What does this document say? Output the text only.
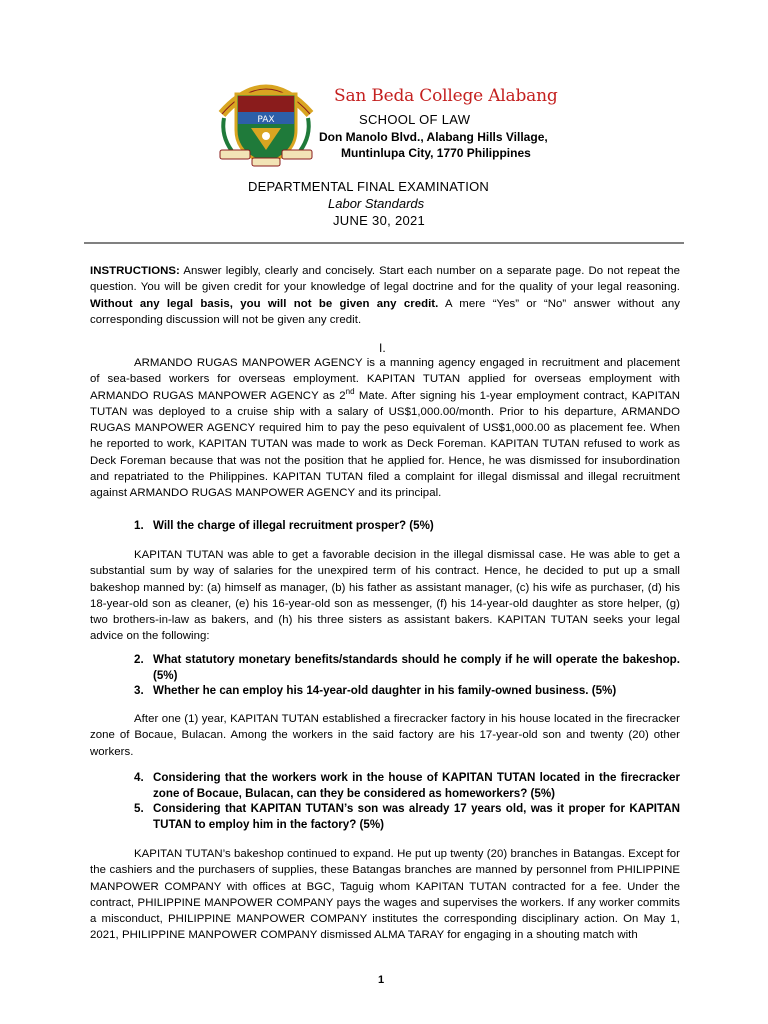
PAX
San Beda College Alabang
SCHOOL OF LAW
Don Manolo Blvd., Alabang Hills Village,
Muntinlupa City, 1770 Philippines
DEPARTMENTAL FINAL EXAMINATION
Labor Standards
JUNE 30, 2021
INSTRUCTIONS: Answer legibly, clearly and concisely. Start each number on a separate page. Do not repeat the question. You will be given credit for your knowledge of legal doctrine and for the quality of your legal reasoning. Without any legal basis, you will not be given any credit. A mere “Yes” or “No” answer without any corresponding discussion will not be given any credit.
I.
ARMANDO RUGAS MANPOWER AGENCY is a manning agency engaged in recruitment and placement of sea-based workers for overseas employment. KAPITAN TUTAN applied for overseas employment with ARMANDO RUGAS MANPOWER AGENCY as 2nd Mate. After signing his 1-year employment contract, KAPITAN TUTAN was deployed to a cruise ship with a salary of US$1,000.00/month. Prior to his departure, ARMANDO RUGAS MANPOWER AGENCY required him to pay the peso equivalent of US$1,000.00 as placement fee. When he reported to work, KAPITAN TUTAN was made to work as Deck Foreman. KAPITAN TUTAN refused to work as Deck Foreman because that was not the position that he applied for. Hence, he was dismissed for insubordination and repatriated to the Philippines. KAPITAN TUTAN filed a complaint for illegal dismissal and illegal recruitment against ARMANDO RUGAS MANPOWER AGENCY and its principal.
1. Will the charge of illegal recruitment prosper? (5%)
KAPITAN TUTAN was able to get a favorable decision in the illegal dismissal case. He was able to get a substantial sum by way of salaries for the unexpired term of his contract. Hence, he decided to put up a small bakeshop manned by: (a) himself as manager, (b) his father as assistant manager, (c) his wife as purchaser, (d) his 18-year-old son as cleaner, (e) his 16-year-old son as messenger, (f) his 14-year-old daughter as store helper, (g) two brothers-in-law as bakers, and (h) his three sisters as assistant bakers. KAPITAN TUTAN seeks your legal advice on the following:
2. What statutory monetary benefits/standards should he comply if he will operate the bakeshop. (5%)
3. Whether he can employ his 14-year-old daughter in his family-owned business. (5%)
After one (1) year, KAPITAN TUTAN established a firecracker factory in his house located in the firecracker zone of Bocaue, Bulacan. Among the workers in the said factory are his 17-year-old son and twenty (20) other workers.
4. Considering that the workers work in the house of KAPITAN TUTAN located in the firecracker zone of Bocaue, Bulacan, can they be considered as homeworkers? (5%)
5. Considering that KAPITAN TUTAN’s son was already 17 years old, was it proper for KAPITAN TUTAN to employ him in the factory? (5%)
KAPITAN TUTAN’s bakeshop continued to expand. He put up twenty (20) branches in Batangas. Except for the cashiers and the purchasers of supplies, these Batangas branches are manned by personnel from PHILIPPINE MANPOWER COMPANY with offices at BGC, Taguig whom KAPITAN TUTAN contracted for a fee. Under the contract, PHILIPPINE MANPOWER COMPANY pays the wages and supervises the workers. If any worker commits a misconduct, PHILIPPINE MANPOWER COMPANY institutes the corresponding disciplinary action. On May 1, 2021, PHILIPPINE MANPOWER COMPANY dismissed ALMA TARAY for engaging in a shouting match with
1
